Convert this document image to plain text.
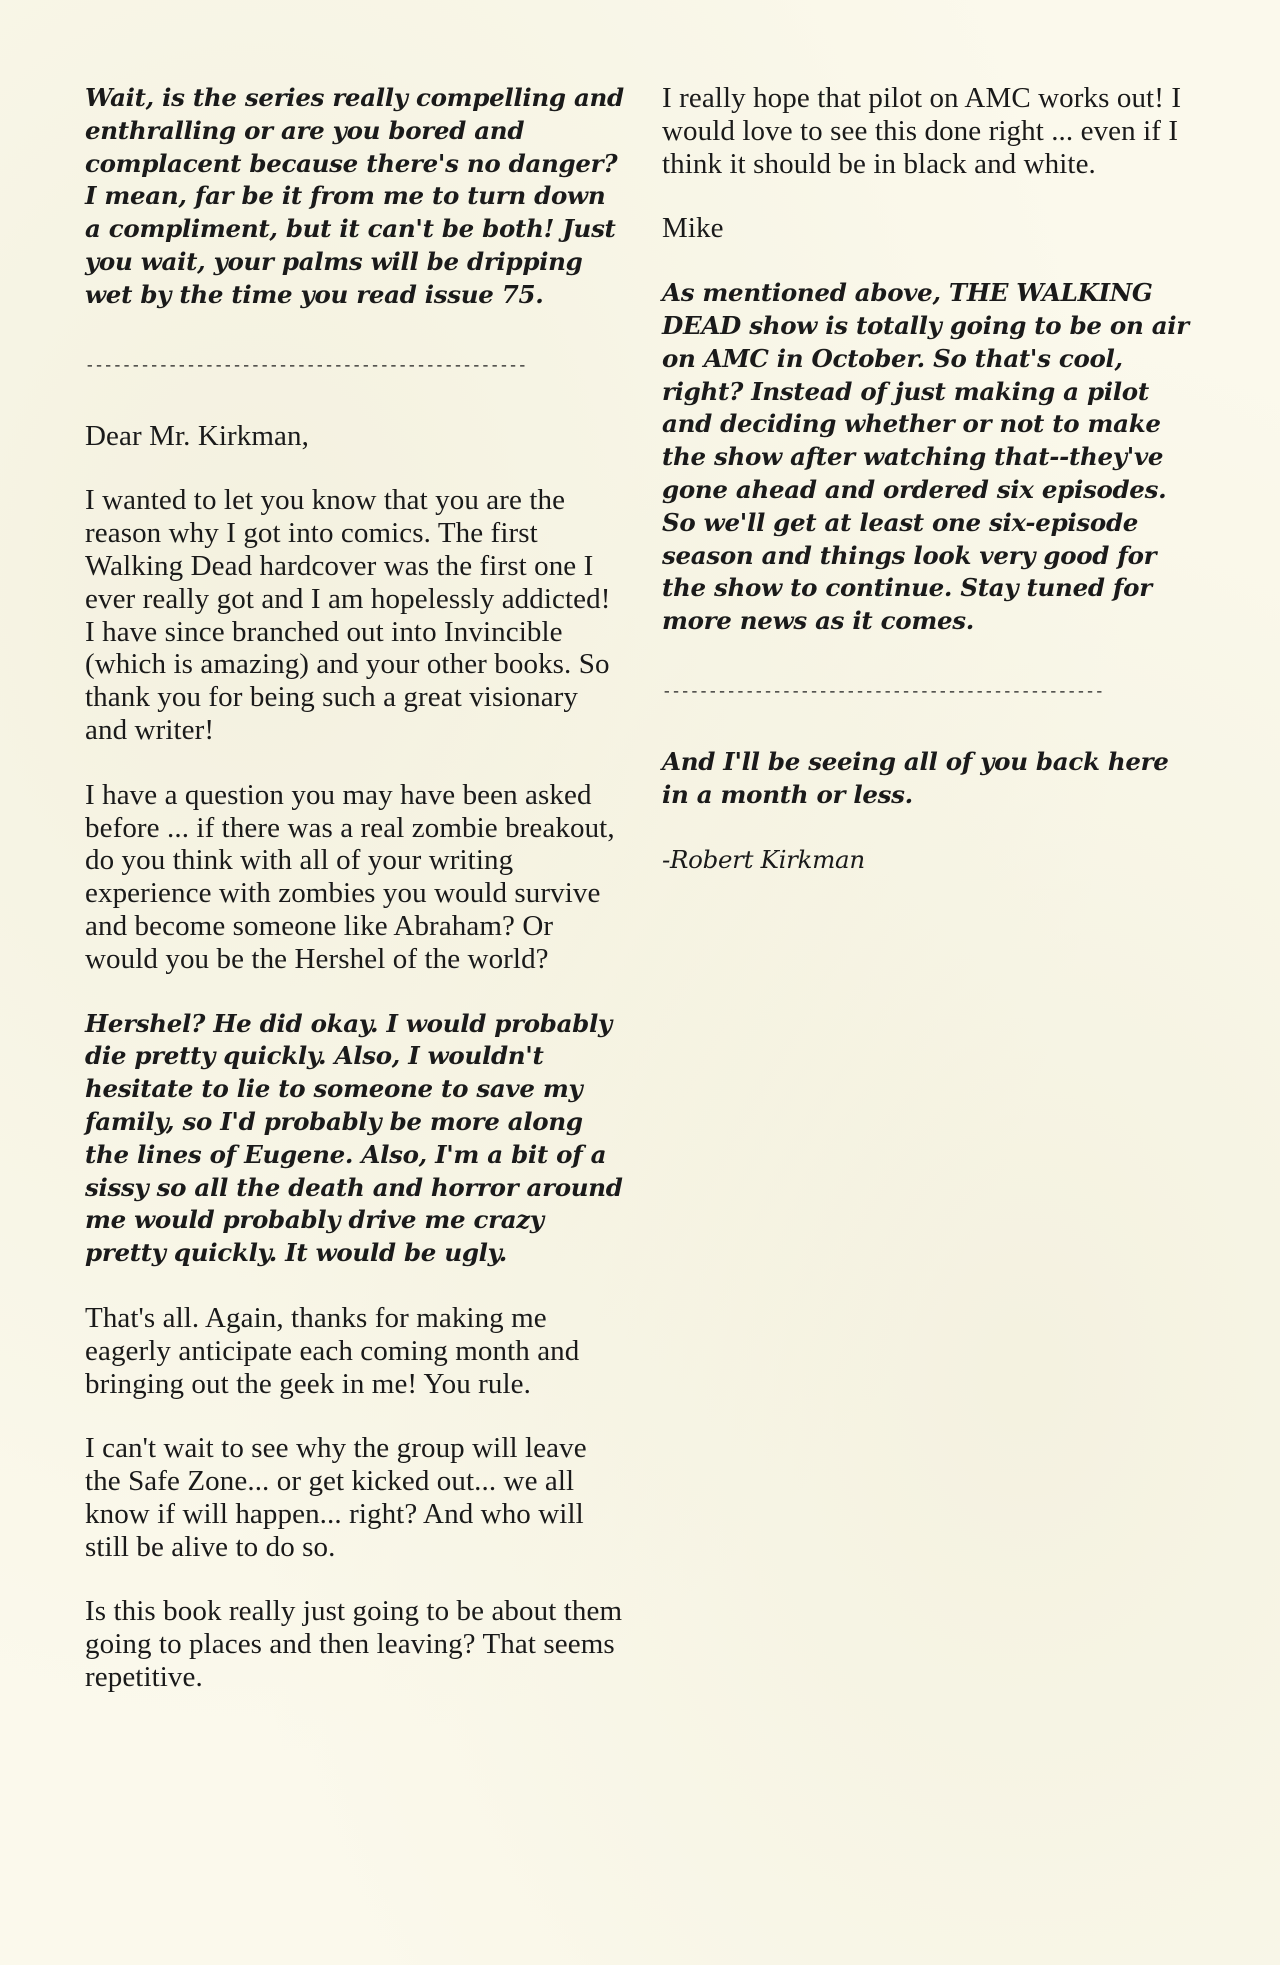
Wait, is the series really compelling and enthralling or are you bored and complacent because there's no danger? I mean, far be it from me to turn down a compliment, but it can't be both! Just you wait, your palms will be dripping wet by the time you read issue 75.

------------------------------------------------

Dear Mr. Kirkman,

I wanted to let you know that you are the reason why I got into comics. The first Walking Dead hardcover was the first one I ever really got and I am hopelessly addicted! I have since branched out into Invincible (which is amazing) and your other books. So thank you for being such a great visionary and writer!

I have a question you may have been asked before ... if there was a real zombie breakout, do you think with all of your writing experience with zombies you would survive and become someone like Abraham? Or would you be the Hershel of the world?

Hershel? He did okay. I would probably die pretty quickly. Also, I wouldn't hesitate to lie to someone to save my family, so I'd probably be more along the lines of Eugene. Also, I'm a bit of a sissy so all the death and horror around me would probably drive me crazy pretty quickly. It would be ugly.

That's all. Again, thanks for making me eagerly anticipate each coming month and bringing out the geek in me! You rule.

I can't wait to see why the group will leave the Safe Zone... or get kicked out... we all know if will happen... right? And who will still be alive to do so.

Is this book really just going to be about them going to places and then leaving? That seems repetitive.

I really hope that pilot on AMC works out! I would love to see this done right ... even if I think it should be in black and white.

Mike

As mentioned above, THE WALKING DEAD show is totally going to be on air on AMC in October. So that's cool, right? Instead of just making a pilot and deciding whether or not to make the show after watching that--they've gone ahead and ordered six episodes. So we'll get at least one six-episode season and things look very good for the show to continue. Stay tuned for more news as it comes.

------------------------------------------------

And I'll be seeing all of you back here in a month or less.

-Robert Kirkman
